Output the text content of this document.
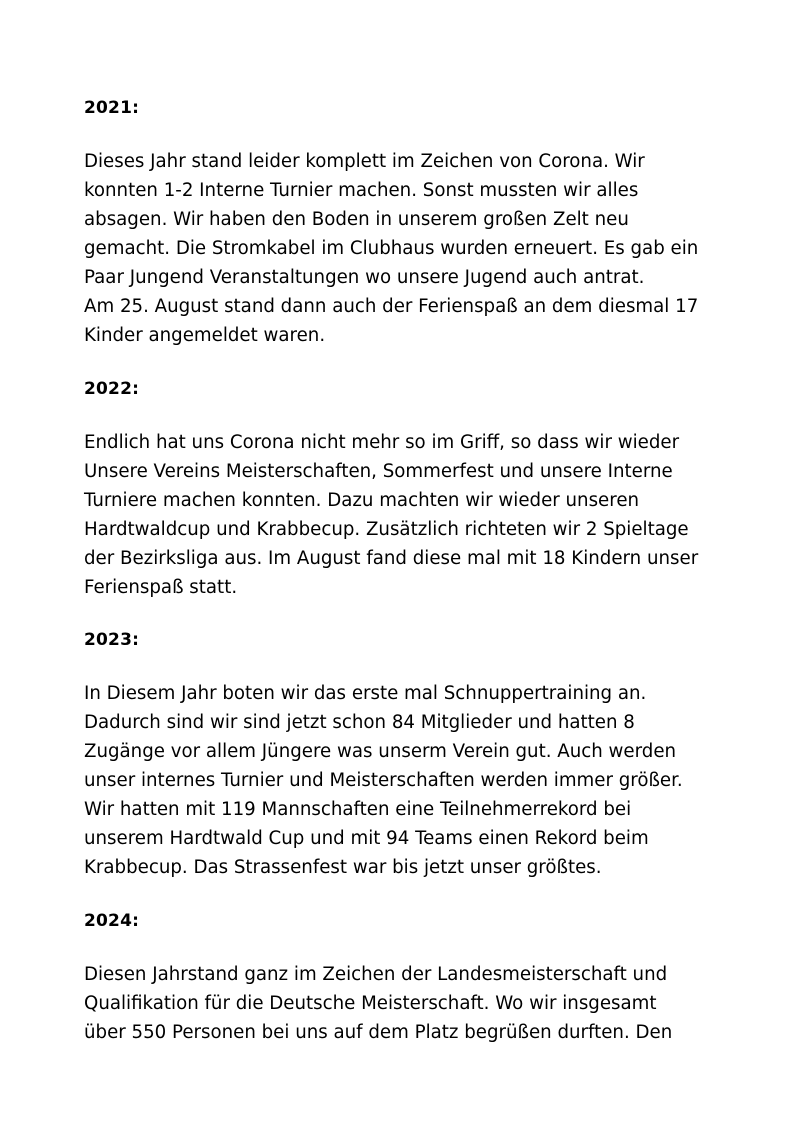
2021:

Dieses Jahr stand leider komplett im Zeichen von Corona. Wir

konnten 1-2 Interne Turnier machen. Sonst mussten wir alles

absagen. Wir haben den Boden in unserem großen Zelt neu

gemacht. Die Stromkabel im Clubhaus wurden erneuert. Es gab ein

Paar Jungend Veranstaltungen wo unsere Jugend auch antrat.

Am 25. August stand dann auch der Ferienspaß an dem diesmal 17

Kinder angemeldet waren.

2022:

Endlich hat uns Corona nicht mehr so im Griff, so dass wir wieder

Unsere Vereins Meisterschaften, Sommerfest und unsere Interne

Turniere machen konnten. Dazu machten wir wieder unseren

Hardtwaldcup und Krabbecup. Zusätzlich richteten wir 2 Spieltage

der Bezirksliga aus. Im August fand diese mal mit 18 Kindern unser

Ferienspaß statt.

2023:

In Diesem Jahr boten wir das erste mal Schnuppertraining an.

Dadurch sind wir sind jetzt schon 84 Mitglieder und hatten 8

Zugänge vor allem Jüngere was unserm Verein gut. Auch werden

unser internes Turnier und Meisterschaften werden immer größer.

Wir hatten mit 119 Mannschaften eine Teilnehmerrekord bei

unserem Hardtwald Cup und mit 94 Teams einen Rekord beim

Krabbecup. Das Strassenfest war bis jetzt unser größtes.

2024:

Diesen Jahrstand ganz im Zeichen der Landesmeisterschaft und

Qualifikation für die Deutsche Meisterschaft. Wo wir insgesamt

über 550 Personen bei uns auf dem Platz begrüßen durften. Den
